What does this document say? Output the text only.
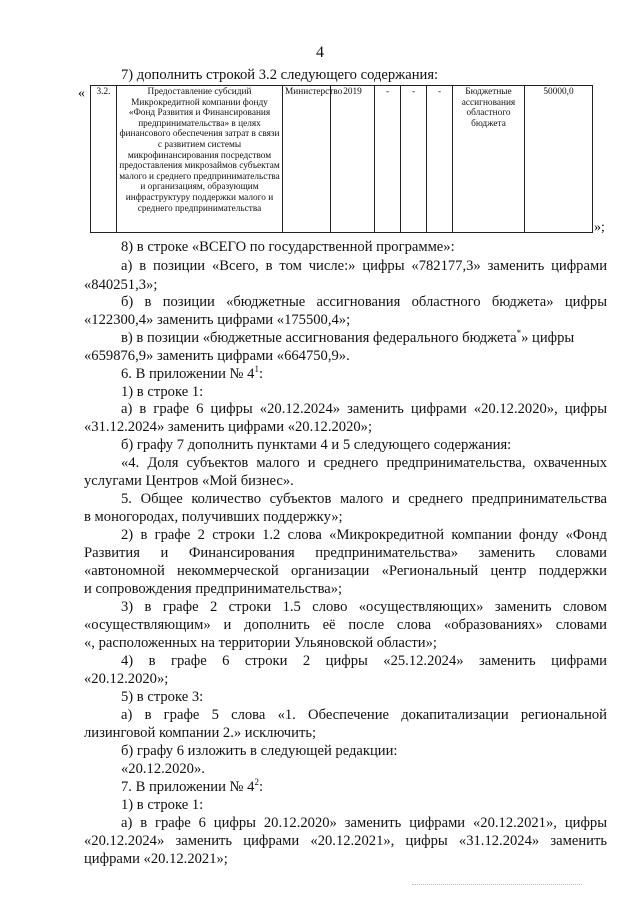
4
7) дополнить строкой 3.2 следующего содержания:
« 3.2.	Предоставление субсидий Микрокредитной компании фонду «Фонд Развития и Финансирования предпринимательства» в целях финансового обеспечения затрат в связи с развитием системы микрофинансирования посредством предоставления микрозаймов субъектам малого и среднего предпринимательства и организациям, образующим инфраструктуру поддержки малого и среднего предпринимательства	Министерство	2019	-	-	-	Бюджетные ассигнования областного бюджета	50000,0
»;
8) в строке «ВСЕГО по государственной программе»:
а) в позиции «Всего, в том числе:» цифры «782177,3» заменить цифрами
«840251,3»;
б) в позиции «бюджетные ассигнования областного бюджета» цифры
«122300,4» заменить цифрами «175500,4»;
в) в позиции «бюджетные ассигнования федерального бюджета*» цифры
«659876,9» заменить цифрами «664750,9».
6. В приложении № $4^1$:
1) в строке 1:
а) в графе 6 цифры «20.12.2024» заменить цифрами «20.12.2020», цифры
«31.12.2024» заменить цифрами «20.12.2020»;
б) графу 7 дополнить пунктами 4 и 5 следующего содержания:
«4. Доля субъектов малого и среднего предпринимательства, охваченных
услугами Центров «Мой бизнес».
5. Общее количество субъектов малого и среднего предпринимательства
в моногородах, получивших поддержку»;
2) в графе 2 строки 1.2 слова «Микрокредитной компании фонду «Фонд
Развития и Финансирования предпринимательства» заменить словами
«автономной некоммерческой организации «Региональный центр поддержки
и сопровождения предпринимательства»;
3) в графе 2 строки 1.5 слово «осуществляющих» заменить словом
«осуществляющим» и дополнить её после слова «образованиях» словами
«, расположенных на территории Ульяновской области»;
4) в графе 6 строки 2 цифры «25.12.2024» заменить цифрами
«20.12.2020»;
5) в строке 3:
а) в графе 5 слова «1. Обеспечение докапитализации региональной
лизинговой компании 2.» исключить;
б) графу 6 изложить в следующей редакции:
«20.12.2020».
7. В приложении № $4^2$:
1) в строке 1:
а) в графе 6 цифры 20.12.2020» заменить цифрами «20.12.2021», цифры
«20.12.2024» заменить цифрами «20.12.2021», цифры «31.12.2024» заменить
цифрами «20.12.2021»;
